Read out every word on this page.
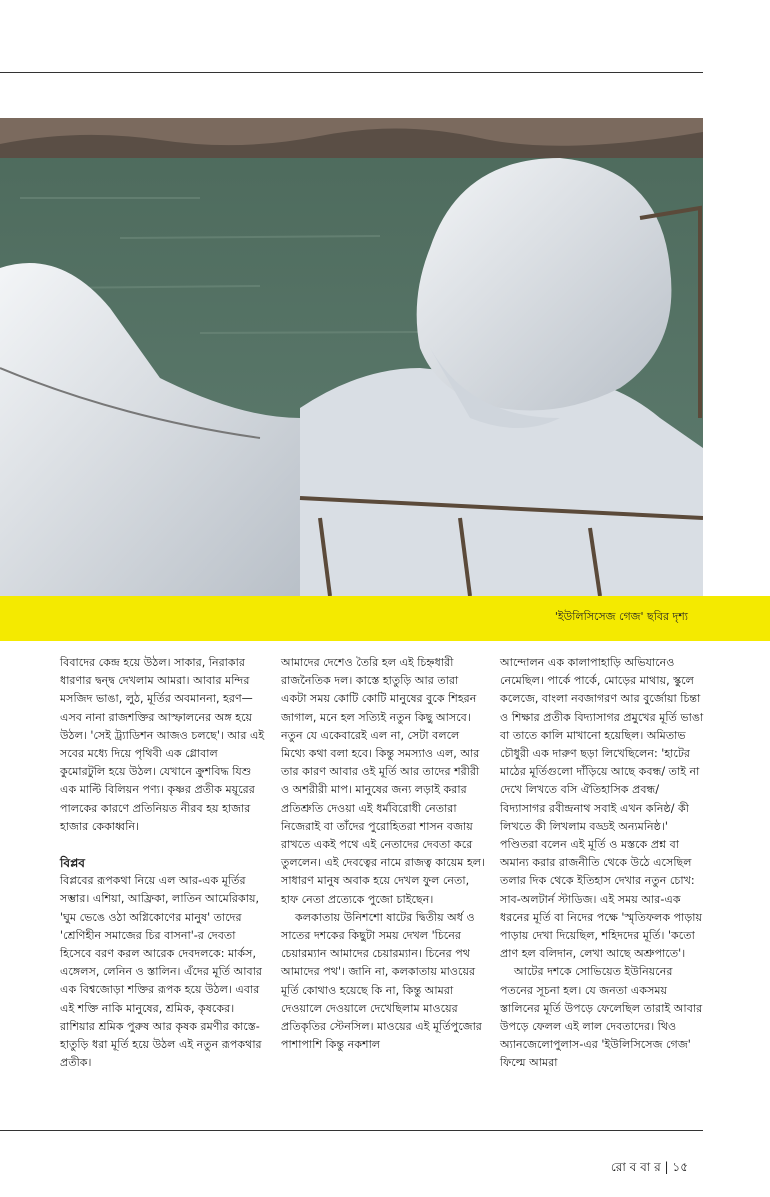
'ইউলিসিসেজ গেজ' ছবির দৃশ্য

বিবাদের কেন্দ্র হয়ে উঠল। সাকার, নিরাকার ধারণার দ্বন্দ্ব দেখলাম আমরা। আবার মন্দির মসজিদ ভাঙা, লুঠ, মূর্তির অবমাননা, হরণ— এসব নানা রাজশক্তির আস্ফালনের অঙ্গ হয়ে উঠল। 'সেই ট্র্যাডিশন আজও চলছে'। আর এই সবের মধ্যে দিয়ে পৃথিবী এক গ্লোবাল কুমোরটুলি হয়ে উঠল। যেখানে ক্রুশবিদ্ধ যিশু এক মাল্টি বিলিয়ন পণ্য। কৃষ্ণর প্রতীক ময়ূরের পালকের কারণে প্রতিনিয়ত নীরব হয় হাজার হাজার কেকাধ্বনি।

বিপ্লব

বিপ্লবের রূপকথা নিয়ে এল আর-এক মূর্তির সম্ভার। এশিয়া, আফ্রিকা, লাতিন আমেরিকায়, 'ঘুম ভেঙে ওঠা অগ্নিকোণের মানুষ' তাদের 'শ্রেণিহীন সমাজের চির বাসনা'-র দেবতা হিসেবে বরণ করল আরেক দেবদলকে: মার্কস, এঙ্গেলস, লেনিন ও স্তালিন। এঁদের মূর্তি আবার এক বিশ্বজোড়া শক্তির রূপক হয়ে উঠল। এবার এই শক্তি নাকি মানুষের, শ্রমিক, কৃষকের। রাশিয়ার শ্রমিক পুরুষ আর কৃষক রমণীর কাস্তে-হাতুড়ি ধরা মূর্তি হয়ে উঠল এই নতুন রূপকথার প্রতীক।

আমাদের দেশেও তৈরি হল এই চিহ্নধারী রাজনৈতিক দল। কাস্তে হাতুড়ি আর তারা একটা সময় কোটি কোটি মানুষের বুকে শিহরন জাগাল, মনে হল সত্যিই নতুন কিছু আসবে। নতুন যে একেবারেই এল না, সেটা বললে মিথ্যে কথা বলা হবে। কিন্তু সমস্যাও এল, আর তার কারণ আবার ওই মূর্তি আর তাদের শরীরী ও অশরীরী মাপ। মানুষের জন্য লড়াই করার প্রতিশ্রুতি দেওয়া এই ধর্মবিরোধী নেতারা নিজেরাই বা তাঁদের পুরোহিতরা শাসন বজায় রাখতে একই পথে এই নেতাদের দেবতা করে তুললেন। এই দেবত্বের নামে রাজত্ব কায়েম হল। সাধারণ মানুষ অবাক হয়ে দেখল ফুল নেতা, হাফ নেতা প্রত্যেকে পুজো চাইছেন।

কলকাতায় উনিশশো ষাটের দ্বিতীয় অর্ধ ও সাতের দশকের কিছুটা সময় দেখল 'চিনের চেয়ারম্যান আমাদের চেয়ারম্যান। চিনের পথ আমাদের পথ'। জানি না, কলকাতায় মাওয়ের মূর্তি কোথাও হয়েছে কি না, কিন্তু আমরা দেওয়ালে দেওয়ালে দেখেছিলাম মাওয়ের প্রতিকৃতির স্টেনসিল। মাওয়ের এই মূর্তিপুজোর পাশাপাশি কিন্তু নকশাল

আন্দোলন এক কালাপাহাড়ি অভিযানেও নেমেছিল। পার্কে পার্কে, মোড়ের মাথায়, স্কুলে কলেজে, বাংলা নবজাগরণ আর বুর্জোয়া চিন্তা ও শিক্ষার প্রতীক বিদ্যাসাগর প্রমুখের মূর্তি ভাঙা বা তাতে কালি মাখানো হয়েছিল। অমিতাভ চৌধুরী এক দারুণ ছড়া লিখেছিলেন: 'হাটের মাঠের মূর্তিগুলো দাঁড়িয়ে আছে কবন্ধ/ তাই না দেখে লিখতে বসি ঐতিহাসিক প্রবন্ধ/ বিদ্যাসাগর রবীন্দ্রনাথ সবাই এখন কনিষ্ঠ/ কী লিখতে কী লিখলাম বড্ডই অন্যমনিষ্ঠ।' পণ্ডিতরা বলেন এই মূর্তি ও মস্তকে প্রশ্ন বা অমান্য করার রাজনীতি থেকে উঠে এসেছিল তলার দিক থেকে ইতিহাস দেখার নতুন চোখ: সাব-অলটার্ন স্টাডিজ। এই সময় আর-এক ধরনের মূর্তি বা নিদের পক্ষে 'স্মৃতিফলক পাড়ায় পাড়ায় দেখা দিয়েছিল, শহিদদের মূর্তি। 'কতো প্রাণ হল বলিদান, লেখা আছে অশ্রুপাতে'।

আটের দশকে সোভিয়েত ইউনিয়নের পতনের সূচনা হল। যে জনতা একসময় স্তালিনের মূর্তি উপড়ে ফেলেছিল তারাই আবার উপড়ে ফেলল এই লাল দেবতাদের। থিও অ্যানজেলোপুলাস-এর 'ইউলিসিসেজ গেজ' ফিল্মে আমরা

রো ব বা র | ১৫
